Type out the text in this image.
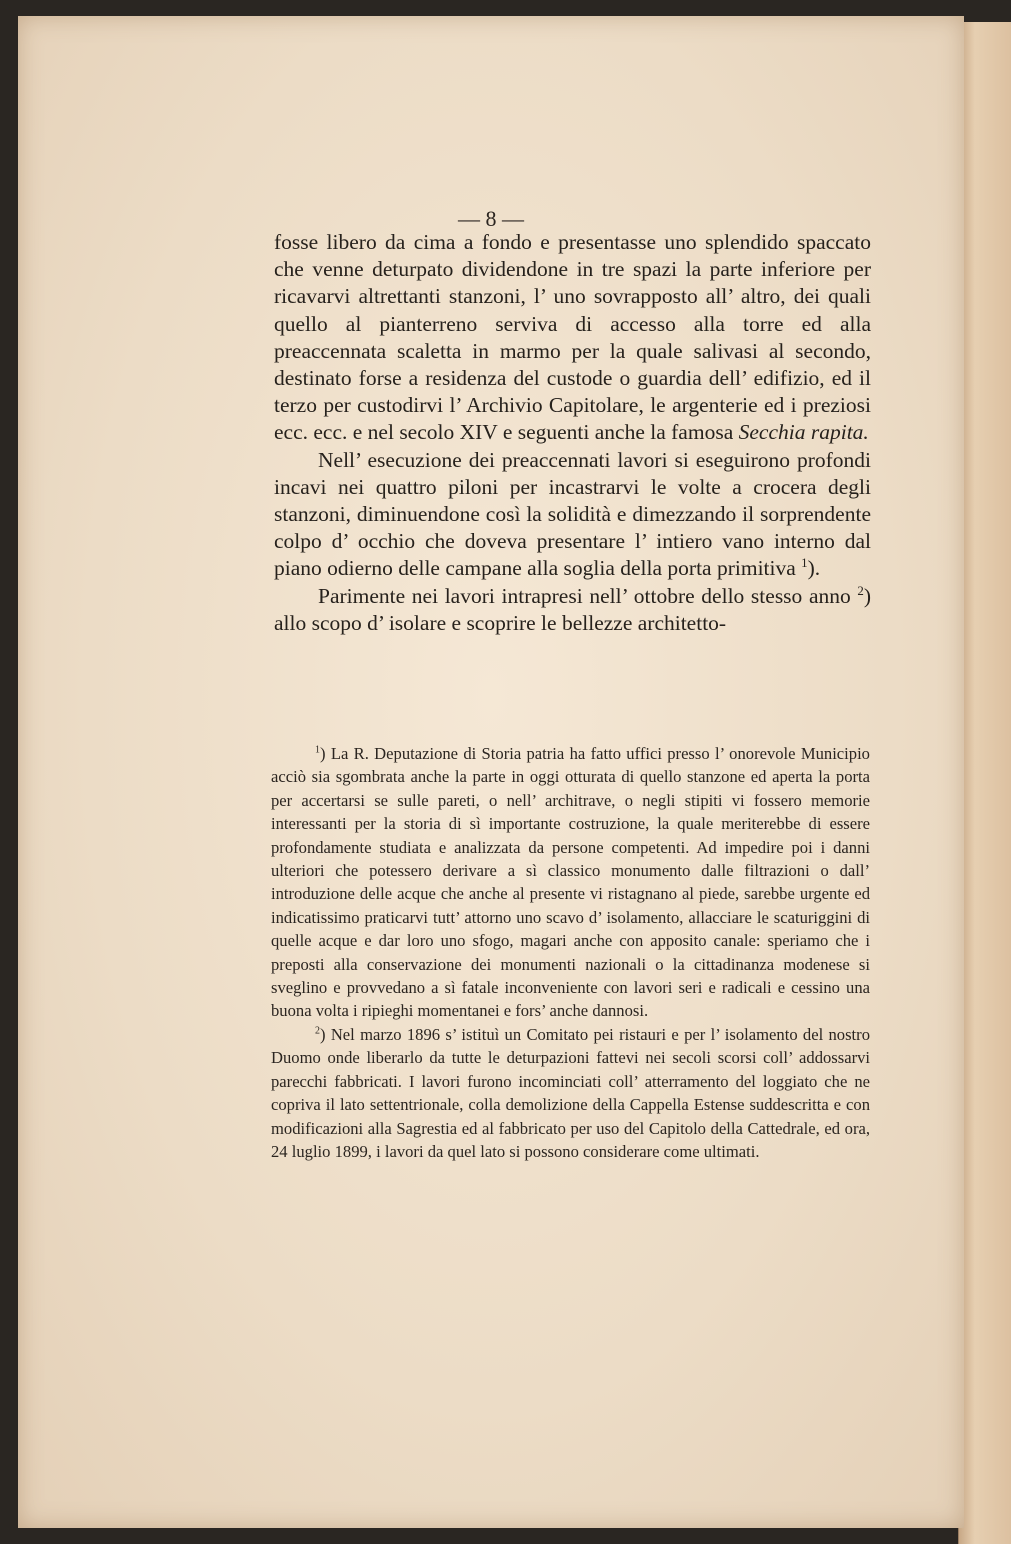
— 8 —

fosse libero da cima a fondo e presentasse uno splendido spaccato che venne deturpato dividendone in tre spazi la parte inferiore per ricavarvi altrettanti stanzoni, l’ uno sovrapposto all’ altro, dei quali quello al pianterreno serviva di accesso alla torre ed alla preaccennata scaletta in marmo per la quale salivasi al secondo, destinato forse a residenza del custode o guardia dell’ edifizio, ed il terzo per custodirvi l’ Archivio Capitolare, le argenterie ed i preziosi ecc. ecc. e nel secolo XIV e seguenti anche la famosa Secchia rapita.

Nell’ esecuzione dei preaccennati lavori si eseguirono profondi incavi nei quattro piloni per incastrarvi le volte a crocera degli stanzoni, diminuendone così la solidità e dimezzando il sorprendente colpo d’ occhio che doveva presentare l’ intiero vano interno dal piano odierno delle campane alla soglia della porta primitiva $^1$).

Parimente nei lavori intrapresi nell’ ottobre dello stesso anno $^2$) allo scopo d’ isolare e scoprire le bellezze architetto-

$^1$) La R. Deputazione di Storia patria ha fatto uffici presso l’ onorevole Municipio acciò sia sgombrata anche la parte in oggi otturata di quello stanzone ed aperta la porta per accertarsi se sulle pareti, o nell’ architrave, o negli stipiti vi fossero memorie interessanti per la storia di sì importante costruzione, la quale meriterebbe di essere profondamente studiata e analizzata da persone competenti. Ad impedire poi i danni ulteriori che potessero derivare a sì classico monumento dalle filtrazioni o dall’ introduzione delle acque che anche al presente vi ristagnano al piede, sarebbe urgente ed indicatissimo praticarvi tutt’ attorno uno scavo d’ isolamento, allacciare le scaturiggini di quelle acque e dar loro uno sfogo, magari anche con apposito canale: speriamo che i preposti alla conservazione dei monumenti nazionali o la cittadinanza modenese si sveglino e provvedano a sì fatale inconveniente con lavori seri e radicali e cessino una buona volta i ripieghi momentanei e fors’ anche dannosi.

$^2$) Nel marzo 1896 s’ istituì un Comitato pei ristauri e per l’ isolamento del nostro Duomo onde liberarlo da tutte le deturpazioni fattevi nei secoli scorsi coll’ addossarvi parecchi fabbricati. I lavori furono incominciati coll’ atterramento del loggiato che ne copriva il lato settentrionale, colla demolizione della Cappella Estense suddescritta e con modificazioni alla Sagrestia ed al fabbricato per uso del Capitolo della Cattedrale, ed ora, 24 luglio 1899, i lavori da quel lato si possono considerare come ultimati.
